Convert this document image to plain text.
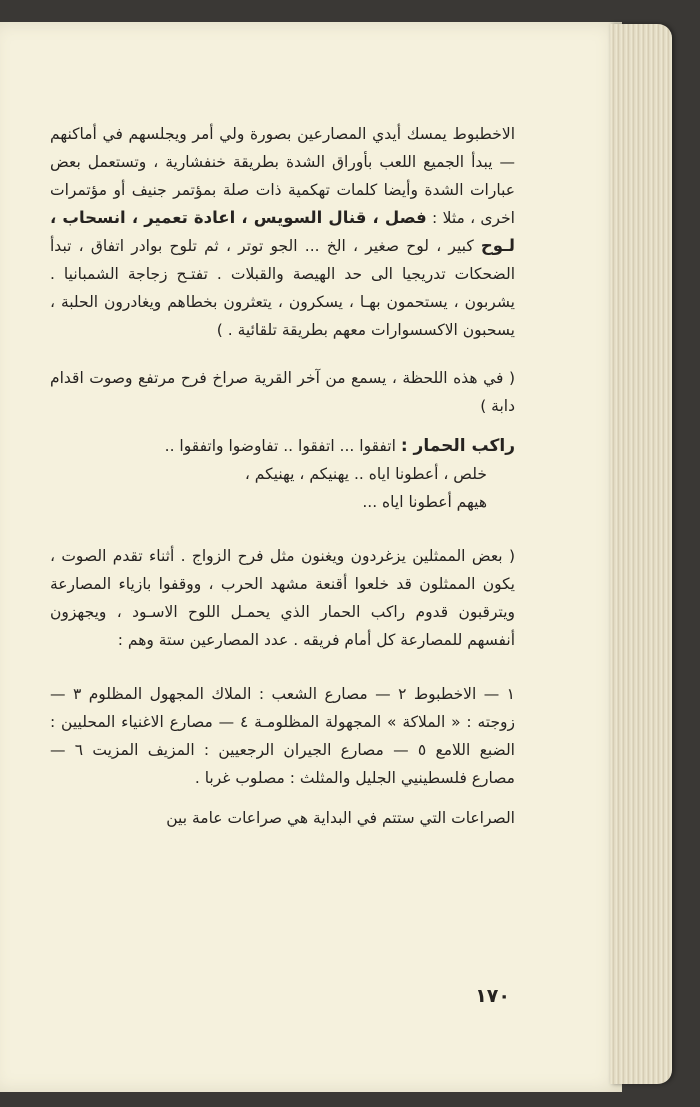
الاخطبوط يمسك أيدي المصارعين بصورة ولي أمر ويجلسهم في أماكنهم — يبدأ الجميع اللعب بأوراق الشدة بطريقة خنفشارية ، وتستعمل بعض عبارات الشدة وأيضا كلمات تهكمية ذات صلة بمؤتمر جنيف أو مؤتمرات اخرى ، مثلا : فصل ، قنال السويس ، اعادة تعمير ، انسحاب ، لـوح كبير ، لوح صغير ، الخ ... الجو توتر ، ثم تلوح بوادر اتفاق ، تبدأ الضحكات تدريجيا الى حد الهيصة والقبلات . تفتـح زجاجة الشمبانيا . يشربون ، يستحمون بهـا ، يسكرون ، يتعثرون بخطاهم ويغادرون الحلبة ، يسحبون الاكسسوارات معهم بطريقة تلقائية . )

( في هذه اللحظة ، يسمع من آخر القرية صراخ فرح مرتفع وصوت اقدام دابة )

راكب الحمار : اتفقوا ... اتفقوا .. تفاوضوا واتفقوا ..
خلص ، أعطونا اياه .. يهنيكم ، يهنيكم ،
هيهم أعطونا اياه ...

( بعض الممثلين يزغردون ويغنون مثل فرح الزواج . أثناء تقدم الصوت ، يكون الممثلون قد خلعوا أقنعة مشهد الحرب ، ووقفوا بازياء المصارعة ويترقبون قدوم راكب الحمار الذي يحمـل اللوح الاسـود ، ويجهزون أنفسهم للمصارعة كل أمام فريقه . عدد المصارعين ستة وهم :

١ — الاخطبوط ٢ — مصارع الشعب : الملاك المجهول المظلوم ٣ — زوجته : « الملاكة » المجهولة المظلومـة ٤ — مصارع الاغنياء المحليين : الضبع اللامع ٥ — مصارع الجيران الرجعيين : المزيف المزيت ٦ — مصارع فلسطينيي الجليل والمثلث : مصلوب غربا .

الصراعات التي ستتم في البداية هي صراعات عامة بين

١٧٠
